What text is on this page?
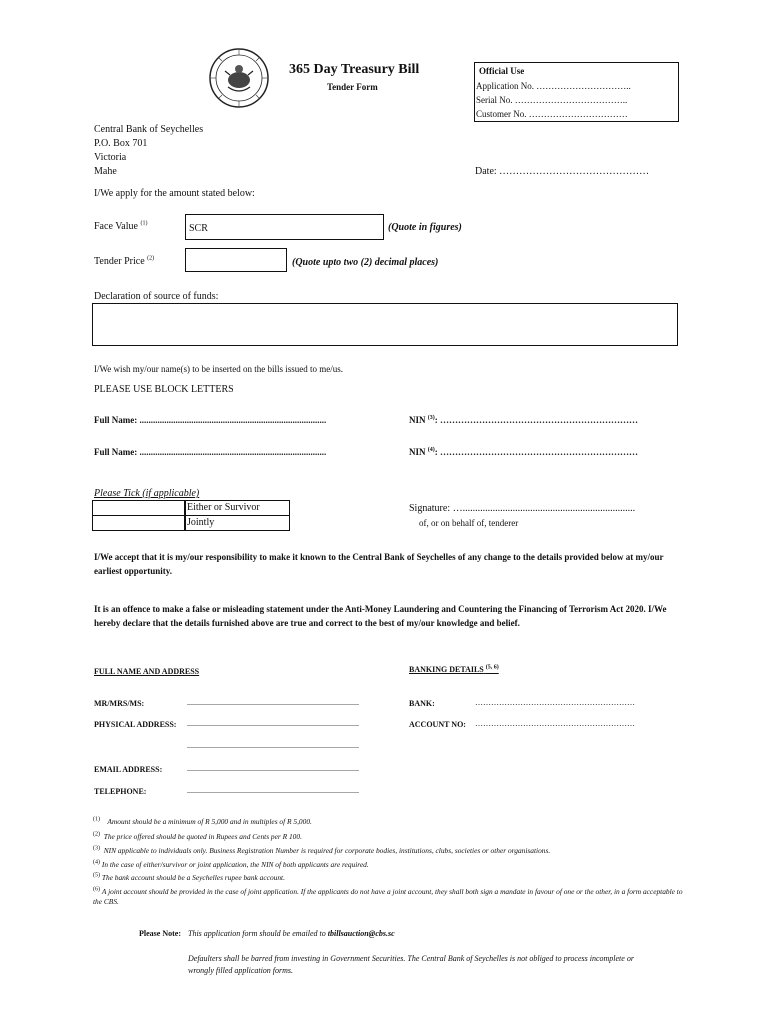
365 Day Treasury Bill
Tender Form
Official Use
Application No. …………………………..
Serial No. ………………………………..
Customer No. ……………………………
Central Bank of Seychelles
P.O. Box 701
Victoria
Mahe	Date: ………………………………………
I/We apply for the amount stated below:
Face Value $^{(1)}$	SCR	(Quote in figures)
Tender Price $^{(2)}$	(Quote upto two (2) decimal places)
Declaration of source of funds:
I/We wish my/our name(s) to be inserted on the bills issued to me/us.
PLEASE USE BLOCK LETTERS
Full Name: ...................................................................................	NIN $^{(3)}$: …………………………………………………………
Full Name: ...................................................................................	NIN $^{(4)}$: …………………………………………………………
Please Tick (if applicable)
Either or Survivor
Jointly
Signature: ….....................................................................
of, or on behalf of, tenderer
I/We accept that it is my/our responsibility to make it known to the Central Bank of Seychelles of any change to the details provided below at my/our earliest opportunity.
It is an offence to make a false or misleading statement under the Anti-Money Laundering and Countering the Financing of Terrorism Act 2020. I/We hereby declare that the details furnished above are true and correct to the best of my/our knowledge and belief.
FULL NAME AND ADDRESS	BANKING DETAILS $^{(5, 6)}$
MR/MRS/MS:	......................................................................................	BANK:	……………………………………………………
PHYSICAL ADDRESS: ......................................................................................	ACCOUNT NO: ……………………………………………………
......................................................................................
EMAIL ADDRESS:	......................................................................................
TELEPHONE:	......................................................................................
$^{(1)}$ Amount should be a minimum of R 5,000 and in multiples of R 5,000.
$^{(2)}$ The price offered should be quoted in Rupees and Cents per R 100.
$^{(3)}$ NIN applicable to individuals only. Business Registration Number is required for corporate bodies, institutions, clubs, societies or other organisations.
$^{(4)}$ In the case of either/survivor or joint application, the NIN of both applicants are required.
$^{(5)}$ The bank account should be a Seychelles rupee bank account.
$^{(6)}$ A joint account should be provided in the case of joint application. If the applicants do not have a joint account, they shall both sign a mandate in favour of one or the other, in a form acceptable to the CBS.
Please Note: This application form should be emailed to tbillsauction@cbs.sc
Defaulters shall be barred from investing in Government Securities. The Central Bank of Seychelles is not obliged to process incomplete or wrongly filled application forms.
